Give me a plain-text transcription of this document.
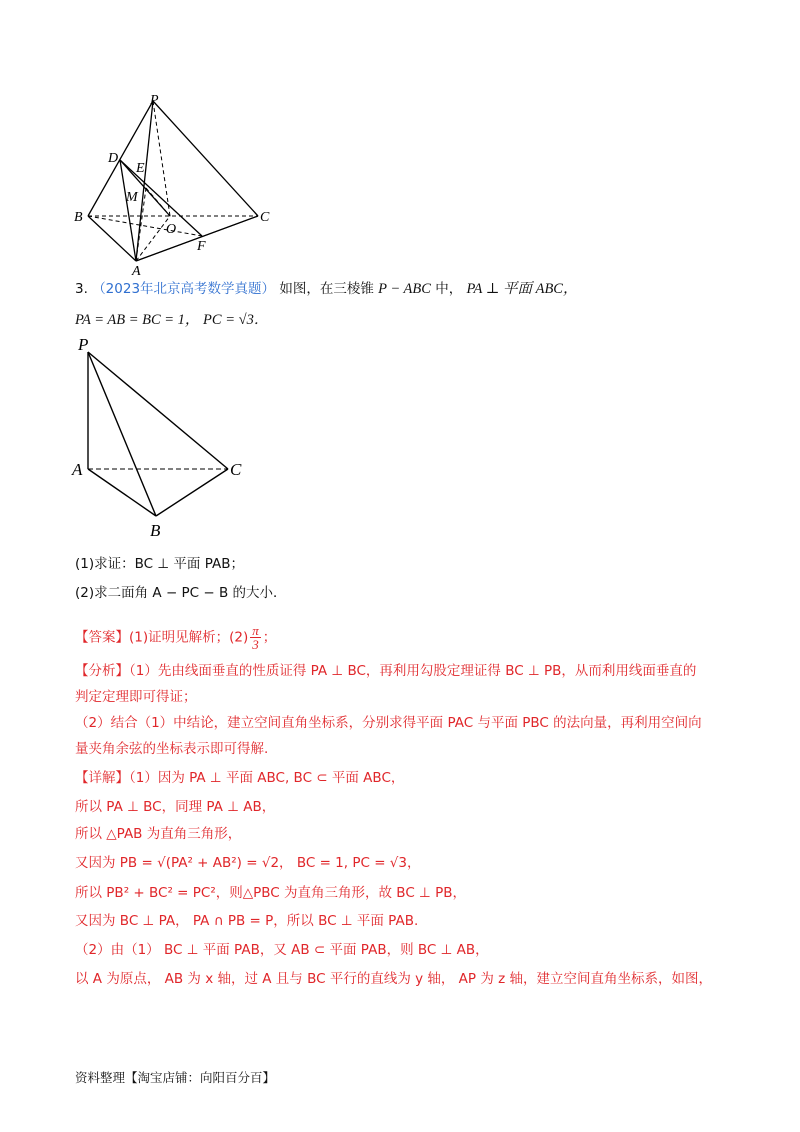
P
D
E
M
B
O
C
F
A
3. （2023年北京高考数学真题） 如图，在三棱锥 P − ABC 中， PA ⊥ 平面 ABC，
PA = AB = BC = 1， PC = √3．
P
A	C
B
(1)求证：BC ⊥ 平面 PAB；
(2)求二面角 A − PC − B 的大小．
【答案】(1)证明见解析；$(2) \frac{\pi}{3}$ ；
【分析】（1）先由线面垂直的性质证得 PA ⊥ BC，再利用勾股定理证得 BC ⊥ PB，从而利用线面垂直的
判定定理即可得证；
（2）结合（1）中结论，建立空间直角坐标系，分别求得平面 PAC 与平面 PBC 的法向量，再利用空间向
量夹角余弦的坐标表示即可得解.
【详解】（1）因为 PA ⊥ 平面 ABC, BC ⊂ 平面 ABC，
所以 PA ⊥ BC，同理 PA ⊥ AB，
所以 △PAB 为直角三角形，
又因为 PB = √(PA² + AB²) = √2， BC = 1, PC = √3，
所以 PB² + BC² = PC²，则△PBC 为直角三角形，故 BC ⊥ PB，
又因为 BC ⊥ PA， PA ∩ PB = P，所以 BC ⊥ 平面 PAB.
（2）由（1） BC ⊥ 平面 PAB，又 AB ⊂ 平面 PAB，则 BC ⊥ AB，
以 A 为原点， AB 为 x 轴，过 A 且与 BC 平行的直线为 y 轴， AP 为 z 轴，建立空间直角坐标系，如图，
资料整理【淘宝店铺：向阳百分百】
